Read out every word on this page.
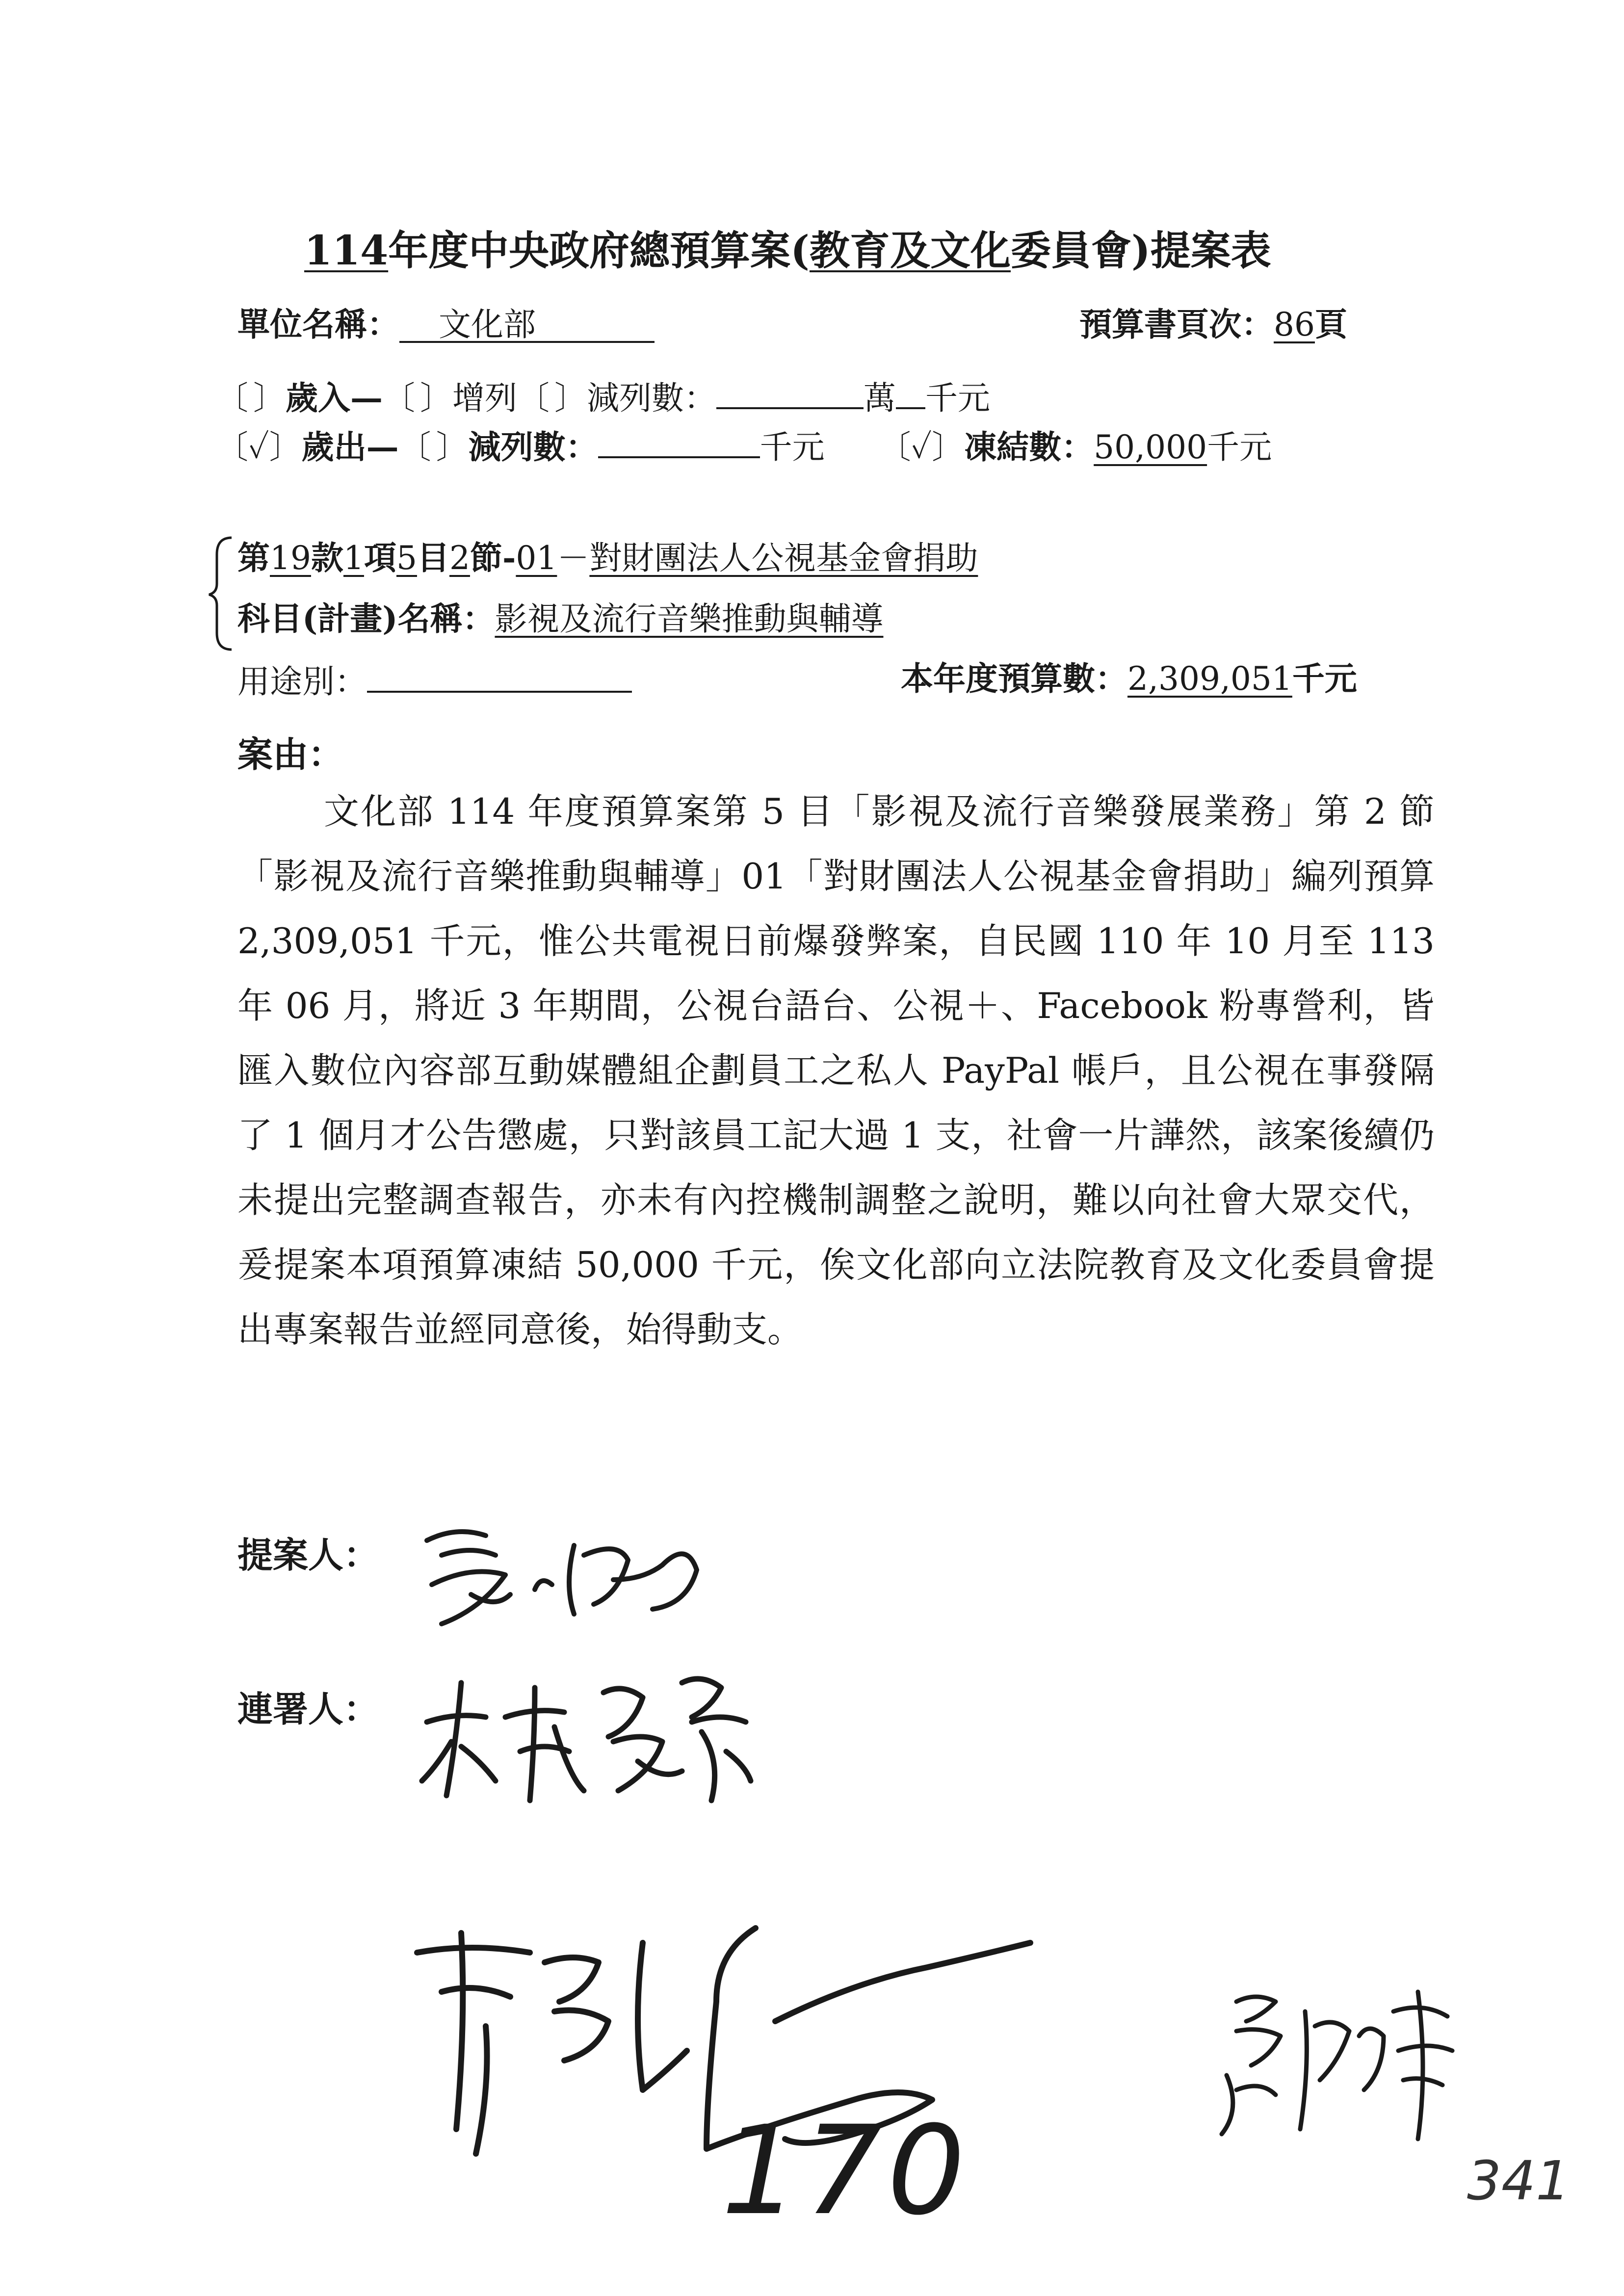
114年度中央政府總預算案(教育及文化委員會)提案表
單位名稱： 文化部	預算書頁次：86頁
〔 〕歲入—〔 〕增列〔 〕減列數：	萬 千元
〔✓〕歲出—〔 〕減列數：	千元 〔✓〕凍結數：50,000千元
第19款1項5目2節-01－對財團法人公視基金會捐助
科目(計畫)名稱：影視及流行音樂推動與輔導
用途別：	本年度預算數：2,309,051千元
案由：
文化部 114 年度預算案第 5 目「影視及流行音樂發展業務」第 2 節「影視及流行音樂推動與輔導」01「對財團法人公視基金會捐助」編列預算 2,309,051 千元，惟公共電視日前爆發弊案，自民國 110 年 10 月至 113 年 06 月，將近 3 年期間，公視台語台、公視＋、Facebook 粉專營利，皆匯入數位內容部互動媒體組企劃員工之私人 PayPal 帳戶，且公視在事發隔了 1 個月才公告懲處，只對該員工記大過 1 支，社會一片譁然，該案後續仍未提出完整調查報告，亦未有內控機制調整之說明，難以向社會大眾交代，爰提案本項預算凍結 50,000 千元，俟文化部向立法院教育及文化委員會提出專案報告並經同意後，始得動支。
提案人：
連署人：
170	341
